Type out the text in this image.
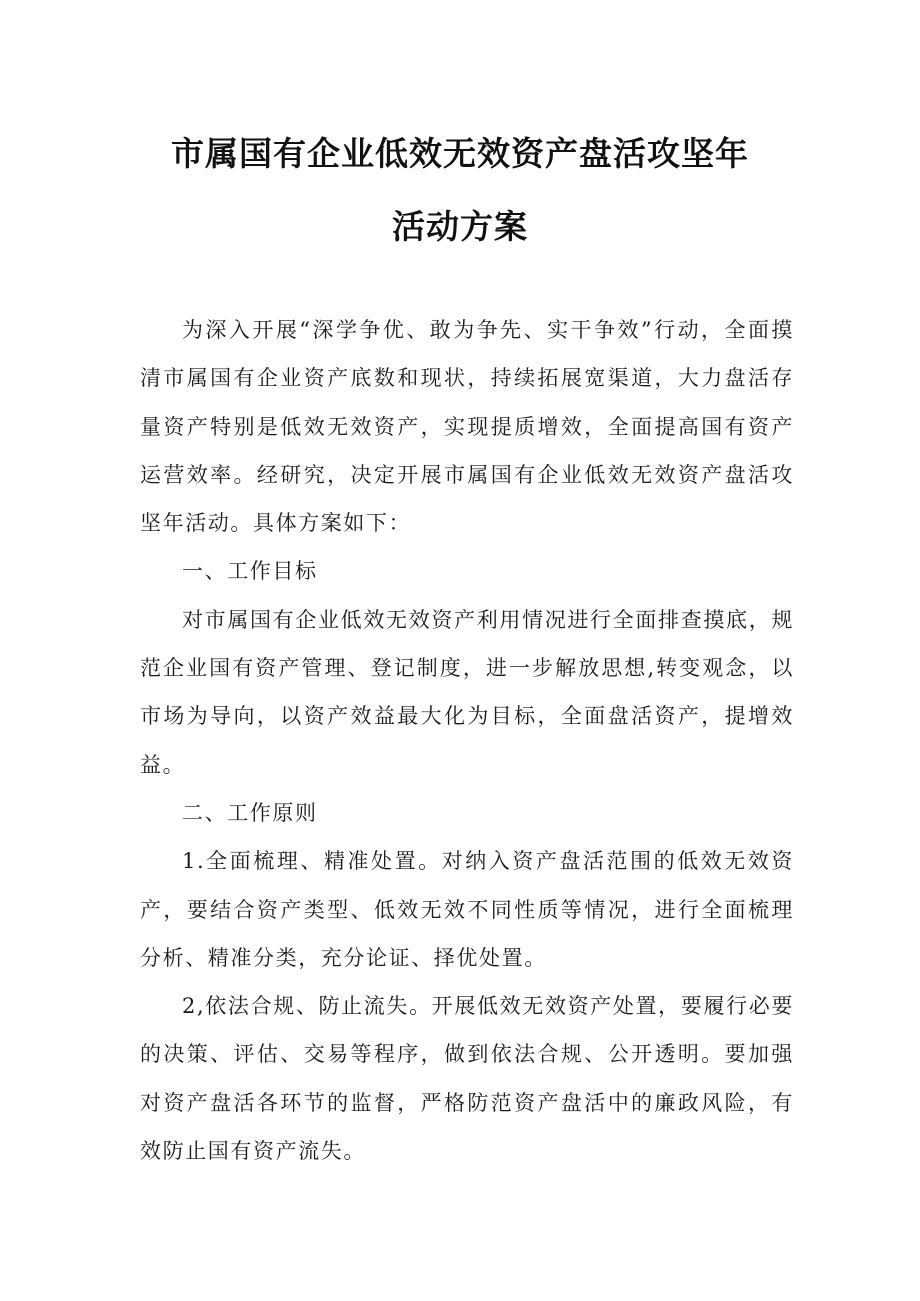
市属国有企业低效无效资产盘活攻坚年
活动方案

为深入开展“深学争优、敢为争先、实干争效”行动，全面摸清市属国有企业资产底数和现状，持续拓展宽渠道，大力盘活存量资产特别是低效无效资产，实现提质增效，全面提高国有资产运营效率。经研究，决定开展市属国有企业低效无效资产盘活攻坚年活动。具体方案如下：

一、工作目标

对市属国有企业低效无效资产利用情况进行全面排查摸底，规范企业国有资产管理、登记制度，进一步解放思想,转变观念，以市场为导向，以资产效益最大化为目标，全面盘活资产，提增效益。

二、工作原则

1.全面梳理、精准处置。对纳入资产盘活范围的低效无效资产，要结合资产类型、低效无效不同性质等情况，进行全面梳理分析、精准分类，充分论证、择优处置。

2,依法合规、防止流失。开展低效无效资产处置，要履行必要的决策、评估、交易等程序，做到依法合规、公开透明。要加强对资产盘活各环节的监督，严格防范资产盘活中的廉政风险，有效防止国有资产流失。
